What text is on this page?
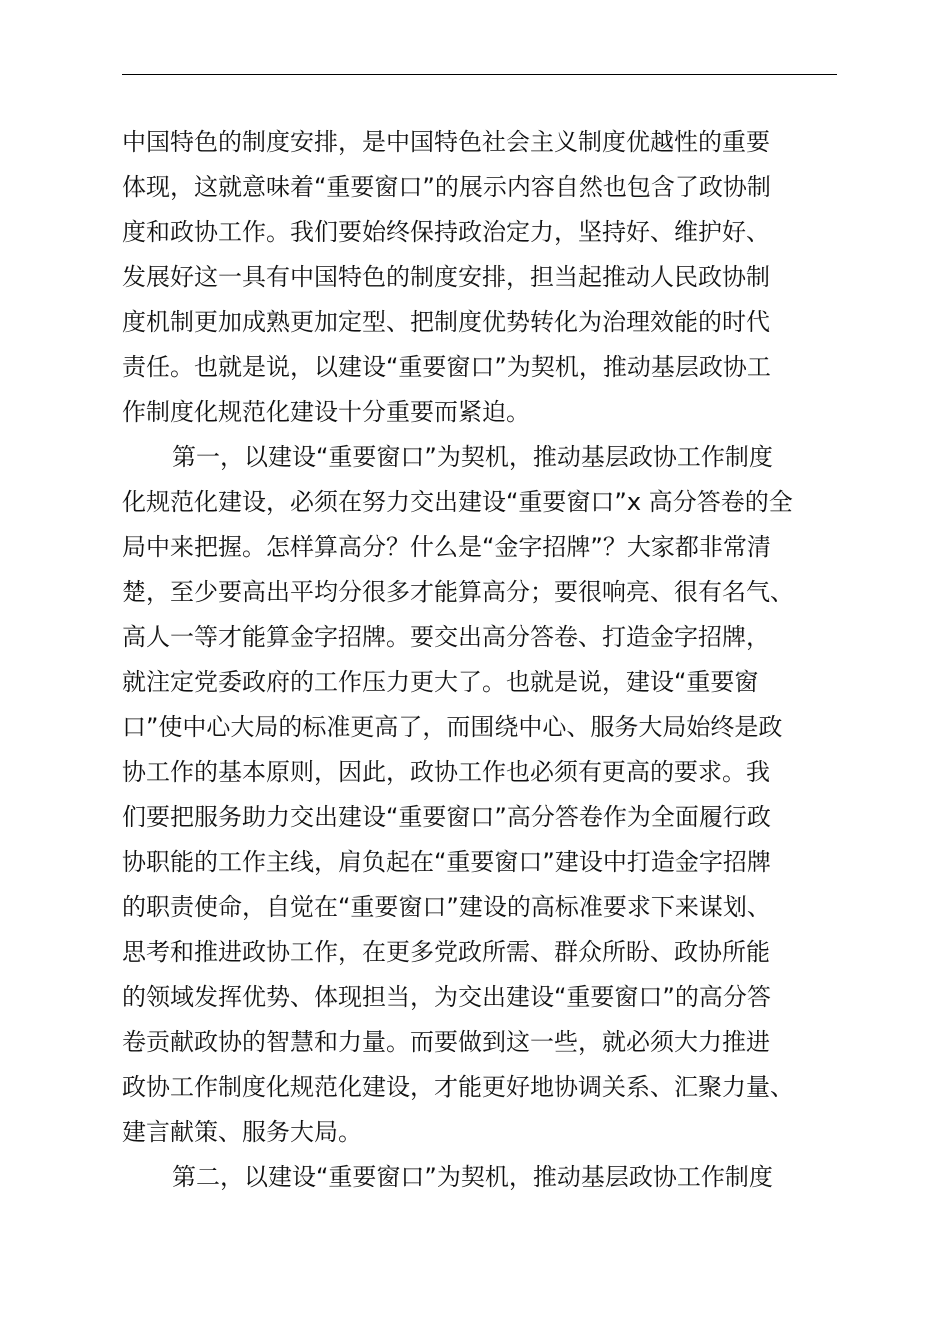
中国特色的制度安排，是中国特色社会主义制度优越性的重要
体现，这就意味着“重要窗口”的展示内容自然也包含了政协制
度和政协工作。我们要始终保持政治定力，坚持好、维护好、
发展好这一具有中国特色的制度安排，担当起推动人民政协制
度机制更加成熟更加定型、把制度优势转化为治理效能的时代
责任。也就是说，以建设“重要窗口”为契机，推动基层政协工
作制度化规范化建设十分重要而紧迫。
第一，以建设“重要窗口”为契机，推动基层政协工作制度
化规范化建设，必须在努力交出建设“重要窗口”x 高分答卷的全
局中来把握。怎样算高分？什么是“金字招牌”？大家都非常清
楚，至少要高出平均分很多才能算高分；要很响亮、很有名气、
高人一等才能算金字招牌。要交出高分答卷、打造金字招牌，
就注定党委政府的工作压力更大了。也就是说，建设“重要窗
口”使中心大局的标准更高了，而围绕中心、服务大局始终是政
协工作的基本原则，因此，政协工作也必须有更高的要求。我
们要把服务助力交出建设“重要窗口”高分答卷作为全面履行政
协职能的工作主线，肩负起在“重要窗口”建设中打造金字招牌
的职责使命，自觉在“重要窗口”建设的高标准要求下来谋划、
思考和推进政协工作，在更多党政所需、群众所盼、政协所能
的领域发挥优势、体现担当，为交出建设“重要窗口”的高分答
卷贡献政协的智慧和力量。而要做到这一些，就必须大力推进
政协工作制度化规范化建设，才能更好地协调关系、汇聚力量、
建言献策、服务大局。
第二，以建设“重要窗口”为契机，推动基层政协工作制度
